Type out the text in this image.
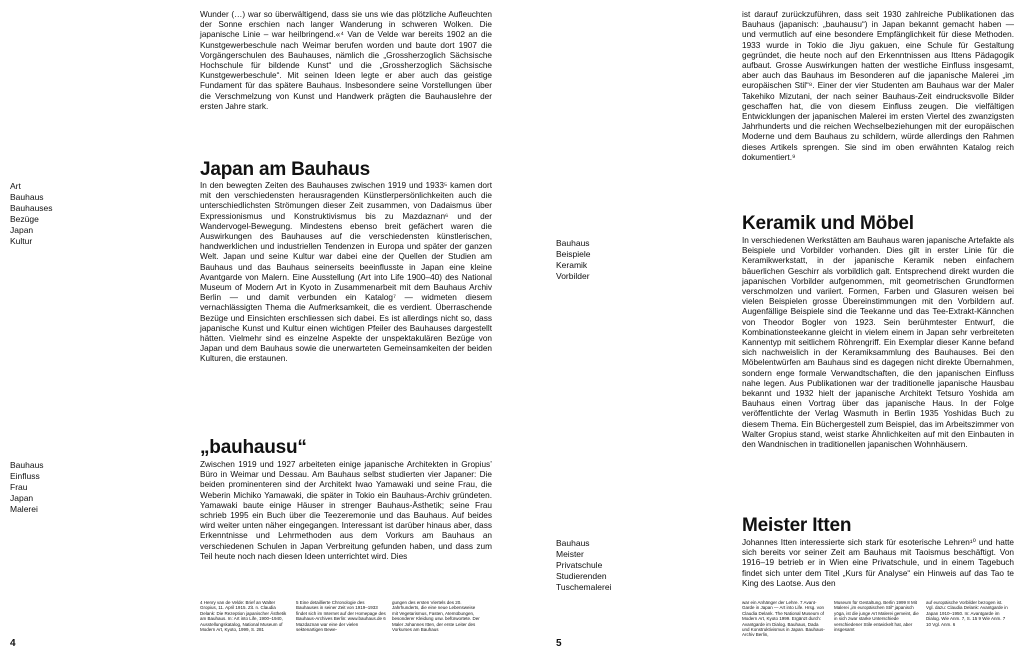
Wunder (…) war so überwältigend, dass sie uns wie das plötzliche Aufleuchten der Sonne erschien nach langer Wanderung in schweren Wolken. Die japanische Linie – war heilbringend.«⁴ Van de Velde war bereits 1902 an die Kunstgewerbeschule nach Weimar berufen worden und baute dort 1907 die Vorgängerschulen des Bauhauses, nämlich die „Grossherzoglich Sächsische Hochschule für bildende Kunst“ und die „Grossherzoglich Sächsische Kunstgewerbeschule“. Mit seinen Ideen legte er aber auch das geistige Fundament für das spätere Bauhaus. Insbesondere seine Vorstellungen über die Verschmelzung von Kunst und Handwerk prägten die Bauhauslehre der ersten Jahre stark.
Art
Bauhaus
Bauhauses
Bezüge
Japan
Kultur
Japan am Bauhaus
In den bewegten Zeiten des Bauhauses zwischen 1919 und 1933⁵ kamen dort mit den verschiedensten herausragenden Künstlerpersönlichkeiten auch die unterschiedlichsten Strömungen dieser Zeit zusammen, von Dadaismus über Expressionismus und Konstruktivismus bis zu Mazdaznan⁶ und der Wandervogel-Bewegung. Mindestens ebenso breit gefächert waren die Auswirkungen des Bauhauses auf die verschiedensten künstlerischen, handwerklichen und industriellen Tendenzen in Europa und später der ganzen Welt. Japan und seine Kultur war dabei eine der Quellen der Studien am Bauhaus und das Bauhaus seinerseits beeinflusste in Japan eine kleine Avantgarde von Malern. Eine Ausstellung (Art into Life 1900–40) des National Museum of Modern Art in Kyoto in Zusammenarbeit mit dem Bauhaus Archiv Berlin — und damit verbunden ein Katalog⁷ — widmeten diesem vernachlässigten Thema die Aufmerksamkeit, die es verdient. Überraschende Bezüge und Einsichten erschliessen sich dabei. Es ist allerdings nicht so, dass japanische Kunst und Kultur einen wichtigen Pfeiler des Bauhauses dargestellt hätten. Vielmehr sind es einzelne Aspekte der unspektakulären Bezüge von Japan und dem Bauhaus sowie die unerwarteten Gemeinsamkeiten der beiden Kulturen, die erstaunen.
Bauhaus
Einfluss
Frau
Japan
Malerei
„bauhausu“
Zwischen 1919 und 1927 arbeiteten einige japanische Architekten in Gropius’ Büro in Weimar und Dessau. Am Bauhaus selbst studierten vier Japaner: Die beiden prominenteren sind der Architekt Iwao Yamawaki und seine Frau, die Weberin Michiko Yamawaki, die später in Tokio ein Bauhaus-Archiv gründeten. Yamawaki baute einige Häuser in strenger Bauhaus-Ästhetik; seine Frau schrieb 1995 ein Buch über die Teezeremonie und das Bauhaus. Auf beides wird weiter unten näher eingegangen. Interessant ist darüber hinaus aber, dass Erkenntnisse und Lehrmethoden aus dem Vorkurs am Bauhaus an verschiedenen Schulen in Japan Verbreitung gefunden haben, und dass zum Teil heute noch nach diesen Ideen unterrichtet wird. Dies
4
4 Henry van de Velde: Brief an Walter Gropius, 11. April 1915. Zit. n. Claudia Delank: Die Rezeption japanischer Ästhetik am Bauhaus. In: Art into Life, 1900–1940, Ausstellungskatalog, National Museum of Modern Art, Kyoto, 1999, S. 281
5 Eine detaillierte Chronologie des Bauhauses in seiner Zeit von 1919–1933 findet sich im Internet auf der Homepage des Bauhaus-Archives Berlin: www.bauhaus.de 6 Mazdaznan war eine der vielen sektenartigen Bewe-
gungen des ersten Viertels des 20. Jahrhunderts, die eine neue Lebensweise mit Vegetarismus, Fasten, Atemübungen, besonderer Kleidung usw. befürwortete. Der Maler Johannes Itten, der erste Leiter des Vorkurses am Bauhaus
ist darauf zurückzuführen, dass seit 1930 zahlreiche Publikationen das Bauhaus (japanisch: „bauhausu“) in Japan bekannt gemacht haben — und vermutlich auf eine besondere Empfänglichkeit für diese Methoden. 1933 wurde in Tokio die Jiyu gakuen, eine Schule für Gestaltung gegründet, die heute noch auf den Erkenntnissen aus Ittens Pädagogik aufbaut. Grosse Auswirkungen hatten der westliche Einfluss insgesamt, aber auch das Bauhaus im Besonderen auf die japanische Malerei „im europäischen Stil“⁸. Einer der vier Studenten am Bauhaus war der Maler Takehiko Mizutani, der nach seiner Bauhaus-Zeit eindrucksvolle Bilder geschaffen hat, die von diesem Einfluss zeugen. Die vielfältigen Entwicklungen der japanischen Malerei im ersten Viertel des zwanzigsten Jahrhunderts und die reichen Wechselbeziehungen mit der europäischen Moderne und dem Bauhaus zu schildern, würde allerdings den Rahmen dieses Artikels sprengen. Sie sind im oben erwähnten Katalog reich dokumentiert.⁹
Bauhaus
Beispiele
Keramik
Vorbilder
Keramik und Möbel
In verschiedenen Werkstätten am Bauhaus waren japanische Artefakte als Beispiele und Vorbilder vorhanden. Dies gilt in erster Linie für die Keramikwerkstatt, in der japanische Keramik neben einfachem bäuerlichen Geschirr als vorbildlich galt. Entsprechend direkt wurden die japanischen Vorbilder aufgenommen, mit geometrischen Grundformen verschmolzen und variiert. Formen, Farben und Glasuren weisen bei vielen Beispielen grosse Übereinstimmungen mit den Vorbildern auf. Augenfällige Beispiele sind die Teekanne und das Tee-Extrakt-Kännchen von Theodor Bogler von 1923. Sein berühmtester Entwurf, die Kombinationsteekanne gleicht in vielem einem in Japan sehr verbreiteten Kannentyp mit seitlichem Röhrengriff. Ein Exemplar dieser Kanne befand sich nachweislich in der Keramiksammlung des Bauhauses. Bei den Möbelentwürfen am Bauhaus sind es dagegen nicht direkte Übernahmen, sondern enge formale Verwandtschaften, die den japanischen Einfluss nahe legen. Aus Publikationen war der traditionelle japanische Hausbau bekannt und 1932 hielt der japanische Architekt Tetsuro Yoshida am Bauhaus einen Vortrag über das japanische Haus. In der Folge veröffentlichte der Verlag Wasmuth in Berlin 1935 Yoshidas Buch zu diesem Thema. Ein Büchergestell zum Beispiel, das im Arbeitszimmer von Walter Gropius stand, weist starke Ähnlichkeiten auf mit den Einbauten in den Wandnischen in traditionellen japanischen Wohnhäusern.
Bauhaus
Meister
Privatschule
Studierenden
Tuschemalerei
Meister Itten
Johannes Itten interessierte sich stark für esoterische Lehren¹⁰ und hatte sich bereits vor seiner Zeit am Bauhaus mit Taoismus beschäftigt. Von 1916–19 betrieb er in Wien eine Privatschule, und in einem Tagebuch findet sich unter dem Titel „Kurs für Analyse“ ein Hinweis auf das Tao te King des Laotse. Aus den
5
war ein Anhänger der Lehre. 7 Avant-Garde in Japan — Art into Life. Hrsg. von Claudia Delank. The National Museum of Modern Art, Kyoto 1999. Ergänzt durch: Avantgarde im Dialog. Bauhaus, Dada und Konstruktivismus in Japan. Bauhaus-Archiv Berlin,
Museum für Gestaltung. Berlin 1999 8 Mit Malerei „im europäischen Stil“ japanisch yōga, ist die junge Art Malerei gemeint, die in sich zwar starke Unterschiede verschiedener Stile entwickelt hat, aber insgesamt
auf europäische Vorbilder bezogen ist. Vgl. dazu: Claudia Delank: Avantgarde in Japan 1910–1950. In: Avantgarde im Dialog. Wie Anm. 7, S. 15 9 Wie Anm. 7 10 Vgl. Anm. 6
